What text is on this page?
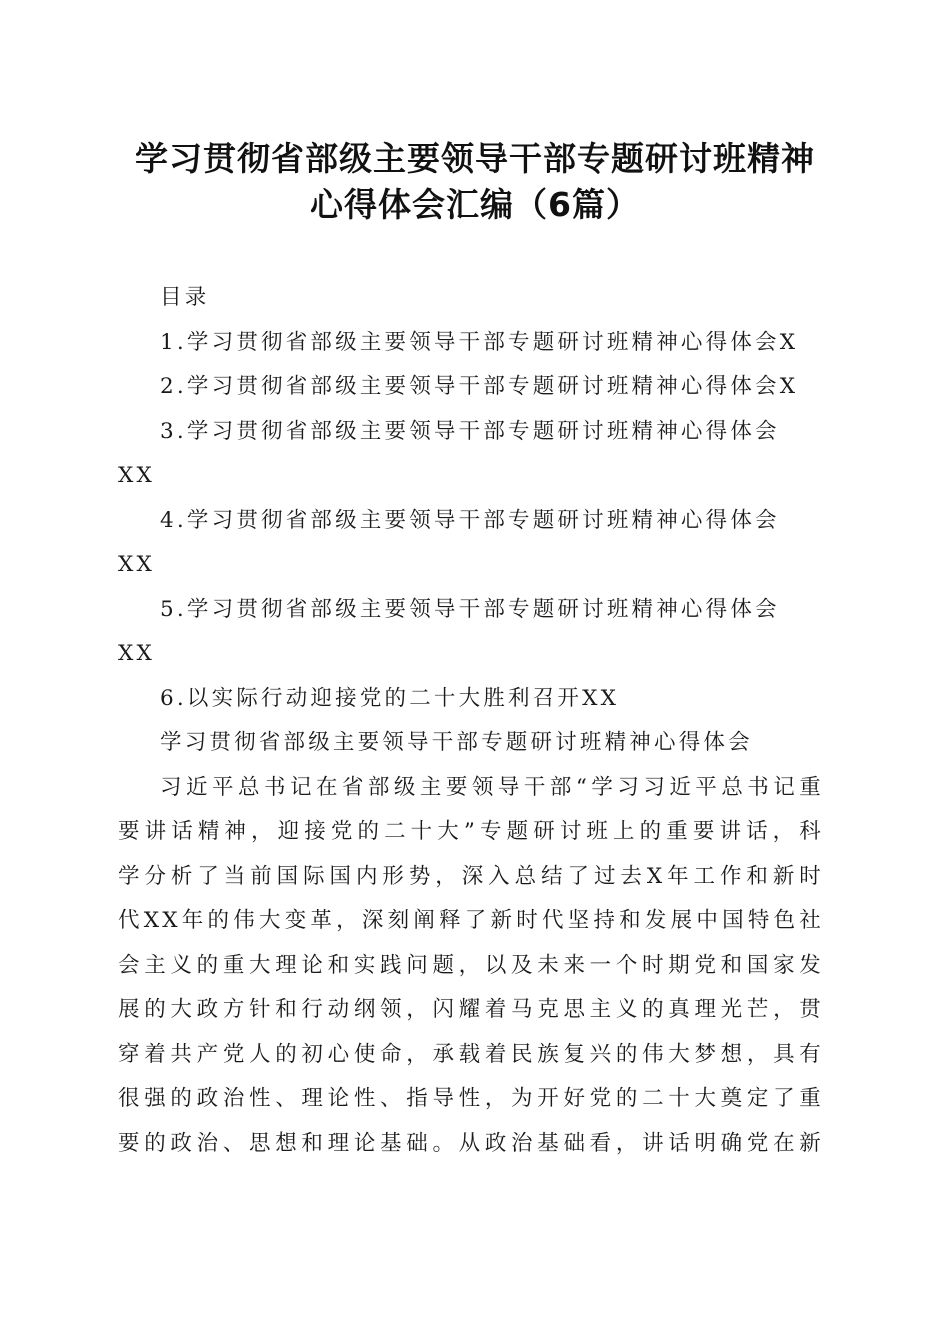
学习贯彻省部级主要领导干部专题研讨班精神
心得体会汇编（6篇）
目录
1.学习贯彻省部级主要领导干部专题研讨班精神心得体会X
2.学习贯彻省部级主要领导干部专题研讨班精神心得体会X
3.学习贯彻省部级主要领导干部专题研讨班精神心得体会
XX
4.学习贯彻省部级主要领导干部专题研讨班精神心得体会
XX
5.学习贯彻省部级主要领导干部专题研讨班精神心得体会
XX
6.以实际行动迎接党的二十大胜利召开XX
学习贯彻省部级主要领导干部专题研讨班精神心得体会
习近平总书记在省部级主要领导干部“学习习近平总书记重
要讲话精神，迎接党的二十大”专题研讨班上的重要讲话，科
学分析了当前国际国内形势，深入总结了过去X年工作和新时
代XX年的伟大变革，深刻阐释了新时代坚持和发展中国特色社
会主义的重大理论和实践问题，以及未来一个时期党和国家发
展的大政方针和行动纲领，闪耀着马克思主义的真理光芒，贯
穿着共产党人的初心使命，承载着民族复兴的伟大梦想，具有
很强的政治性、理论性、指导性，为开好党的二十大奠定了重
要的政治、思想和理论基础。从政治基础看，讲话明确党在新
